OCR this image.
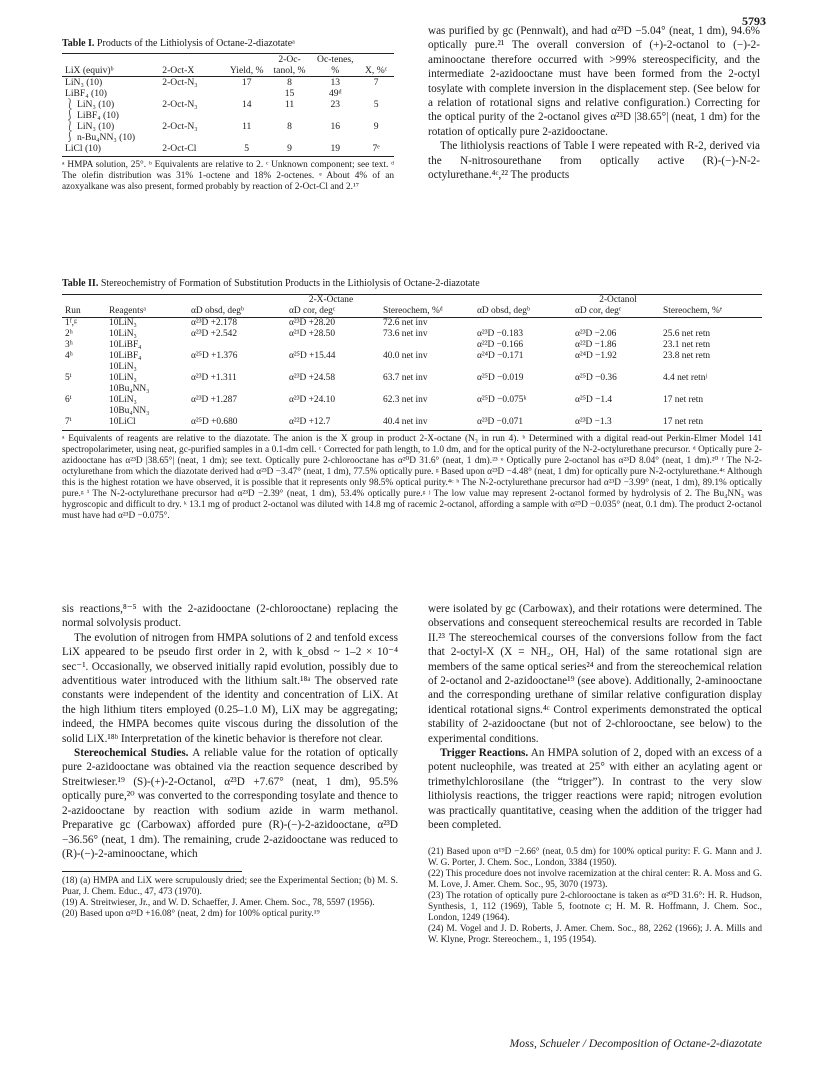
5793
Table I. Products of the Lithiolysis of Octane-2-diazotateᵃ
LiX (equiv)ᵇ	2-Oct-X	Yield, %	2-Oc-tanol, %	Oc-tenes, %	X, %ᶜ
LiN₃ (10)	2-Oct-N₃	17	8	13	7
LiBF₄ (10)			15	49ᵈ	
⎱ LiN₃ (10)	2-Oct-N₃	14	11	23	5
⎰ LiBF₄ (10)					
⎱ LiN₃ (10)	2-Oct-N₃	11	8	16	9
⎰ n-Bu₄NN₃ (10)					
LiCl (10)	2-Oct-Cl	5	9	19	7ᵉ
ᵃ HMPA solution, 25°. ᵇ Equivalents are relative to 2. ᶜ Unknown component; see text. ᵈ The olefin distribution was 31% 1-octene and 18% 2-octenes. ᵉ About 4% of an azoxyalkane was also present, formed probably by reaction of 2-Oct-Cl and 2.¹⁷

was purified by gc (Pennwalt), and had α²³D −5.04° (neat, 1 dm), 94.6% optically pure.²¹ The overall conversion of (+)-2-octanol to (−)-2-aminooctane therefore occurred with >99% stereospecificity, and the intermediate 2-azidooctane must have been formed from the 2-octyl tosylate with complete inversion in the displacement step. (See below for a relation of rotational signs and relative configuration.) Correcting for the optical purity of the 2-octanol gives α²³D |38.65°| (neat, 1 dm) for the rotation of optically pure 2-azidooctane.

The lithiolysis reactions of Table I were repeated with R-2, derived via the N-nitrosourethane from optically active (R)-(−)-N-2-octylurethane.⁴ᶜ,²² The products

Table II. Stereochemistry of Formation of Substitution Products in the Lithiolysis of Octane-2-diazotate
		2-X-Octane			2-Octanol		
Run	Reagentsᵃ	αD obsd, degᵇ	αD cor, degᶜ	Stereochem, %ᵈ	αD obsd, degᵇ	αD cor, degᶜ	Stereochem, %ᵉ
1ᶠ,ᵍ	10LiN₃	α²³D +2.178	α²³D +28.20	72.6 net inv			
2ʰ	10LiN₃	α²³D +2.542	α²¹D +28.50	73.6 net inv	α²³D −0.183	α²³D −2.06	25.6 net retn
3ʰ	10LiBF₄				α²²D −0.166	α²²D −1.86	23.1 net retn
4ʰ	10LiBF₄	α²⁵D +1.376	α²⁵D +15.44	40.0 net inv	α²⁴D −0.171	α²⁴D −1.92	23.8 net retn
	10LiN₃						
5ⁱ	10LiN₃	α²³D +1.311	α²³D +24.58	63.7 net inv	α²⁵D −0.019	α²⁵D −0.36	4.4 net retnʲ
	10Bu₄NN₃						
6ⁱ	10LiN₃	α²³D +1.287	α²³D +24.10	62.3 net inv	α²⁵D −0.075ᵏ	α²⁵D −1.4	17 net retn
	10Bu₄NN₃						
7ⁱ	10LiCl	α²⁵D +0.680	α²²D +12.7	40.4 net inv	α²³D −0.071	α²³D −1.3	17 net retn
ᵃ Equivalents of reagents are relative to the diazotate. The anion is the X group in product 2-X-octane (N₃ in run 4). ᵇ Determined with a digital read-out Perkin-Elmer Model 141 spectropolarimeter, using neat, gc-purified samples in a 0.1-dm cell. ᶜ Corrected for path length, to 1.0 dm, and for the optical purity of the N-2-octylurethane precursor. ᵈ Optically pure 2-azidooctane has α²³D |38.65°| (neat, 1 dm); see text. Optically pure 2-chlorooctane has α²⁰D 31.6° (neat, 1 dm).²³ ᵉ Optically pure 2-octanol has α²³D 8.04° (neat, 1 dm).²⁰ ᶠ The N-2-octylurethane from which the diazotate derived had α²³D −3.47° (neat, 1 dm), 77.5% optically pure. ᵍ Based upon α²³D −4.48° (neat, 1 dm) for optically pure N-2-octylurethane.⁴ᶜ Although this is the highest rotation we have observed, it is possible that it represents only 98.5% optical purity.⁴ᶜ ʰ The N-2-octylurethane precursor had α²³D −3.99° (neat, 1 dm), 89.1% optically pure.ᵍ ⁱ The N-2-octylurethane precursor had α²³D −2.39° (neat, 1 dm), 53.4% optically pure.ᵍ ʲ The low value may represent 2-octanol formed by hydrolysis of 2. The Bu₄NN₃ was hygroscopic and difficult to dry. ᵏ 13.1 mg of product 2-octanol was diluted with 14.8 mg of racemic 2-octanol, affording a sample with α²⁵D −0.035° (neat, 0.1 dm). The product 2-octanol must have had α²³D −0.075°.

sis reactions,⁸⁻⁵ with the 2-azidooctane (2-chlorooctane) replacing the normal solvolysis product.

The evolution of nitrogen from HMPA solutions of 2 and tenfold excess LiX appeared to be pseudo first order in 2, with k_obsd ~ 1–2 × 10⁻⁴ sec⁻¹. Occasionally, we observed initially rapid evolution, possibly due to adventitious water introduced with the lithium salt.¹⁸ᵃ The observed rate constants were independent of the identity and concentration of LiX. At the high lithium titers employed (0.25–1.0 M), LiX may be aggregating; indeed, the HMPA becomes quite viscous during the dissolution of the solid LiX.¹⁸ᵇ Interpretation of the kinetic behavior is therefore not clear.

Stereochemical Studies. A reliable value for the rotation of optically pure 2-azidooctane was obtained via the reaction sequence described by Streitwieser.¹⁹ (S)-(+)-2-Octanol, α²³D +7.67° (neat, 1 dm), 95.5% optically pure,²⁰ was converted to the corresponding tosylate and thence to 2-azidooctane by reaction with sodium azide in warm methanol. Preparative gc (Carbowax) afforded pure (R)-(−)-2-azidooctane, α²³D −36.56° (neat, 1 dm). The remaining, crude 2-azidooctane was reduced to (R)-(−)-2-aminooctane, which

(18) (a) HMPA and LiX were scrupulously dried; see the Experimental Section; (b) M. S. Puar, J. Chem. Educ., 47, 473 (1970).
(19) A. Streitwieser, Jr., and W. D. Schaeffer, J. Amer. Chem. Soc., 78, 5597 (1956).
(20) Based upon α²³D +16.08° (neat, 2 dm) for 100% optical purity.¹⁹

were isolated by gc (Carbowax), and their rotations were determined. The observations and consequent stereochemical results are recorded in Table II.²³ The stereochemical courses of the conversions follow from the fact that 2-octyl-X (X = NH₂, OH, Hal) of the same rotational sign are members of the same optical series²⁴ and from the stereochemical relation of 2-octanol and 2-azidooctane¹⁹ (see above). Additionally, 2-aminooctane and the corresponding urethane of similar relative configuration display identical rotational signs.⁴ᶜ Control experiments demonstrated the optical stability of 2-azidooctane (but not of 2-chlorooctane, see below) to the experimental conditions.

Trigger Reactions. An HMPA solution of 2, doped with an excess of a potent nucleophile, was treated at 25° with either an acylating agent or trimethylchlorosilane (the “trigger”). In contrast to the very slow lithiolysis reactions, the trigger reactions were rapid; nitrogen evolution was practically quantitative, ceasing when the addition of the trigger had been completed.

(21) Based upon α¹⁹D −2.66° (neat, 0.5 dm) for 100% optical purity: F. G. Mann and J. W. G. Porter, J. Chem. Soc., London, 3384 (1950).
(22) This procedure does not involve racemization at the chiral center: R. A. Moss and G. M. Love, J. Amer. Chem. Soc., 95, 3070 (1973).
(23) The rotation of optically pure 2-chlorooctane is taken as α²⁰D 31.6°: H. R. Hudson, Synthesis, 1, 112 (1969), Table 5, footnote c; H. M. R. Hoffmann, J. Chem. Soc., London, 1249 (1964).
(24) M. Vogel and J. D. Roberts, J. Amer. Chem. Soc., 88, 2262 (1966); J. A. Mills and W. Klyne, Progr. Stereochem., 1, 195 (1954).
Moss, Schueler / Decomposition of Octane-2-diazotate
